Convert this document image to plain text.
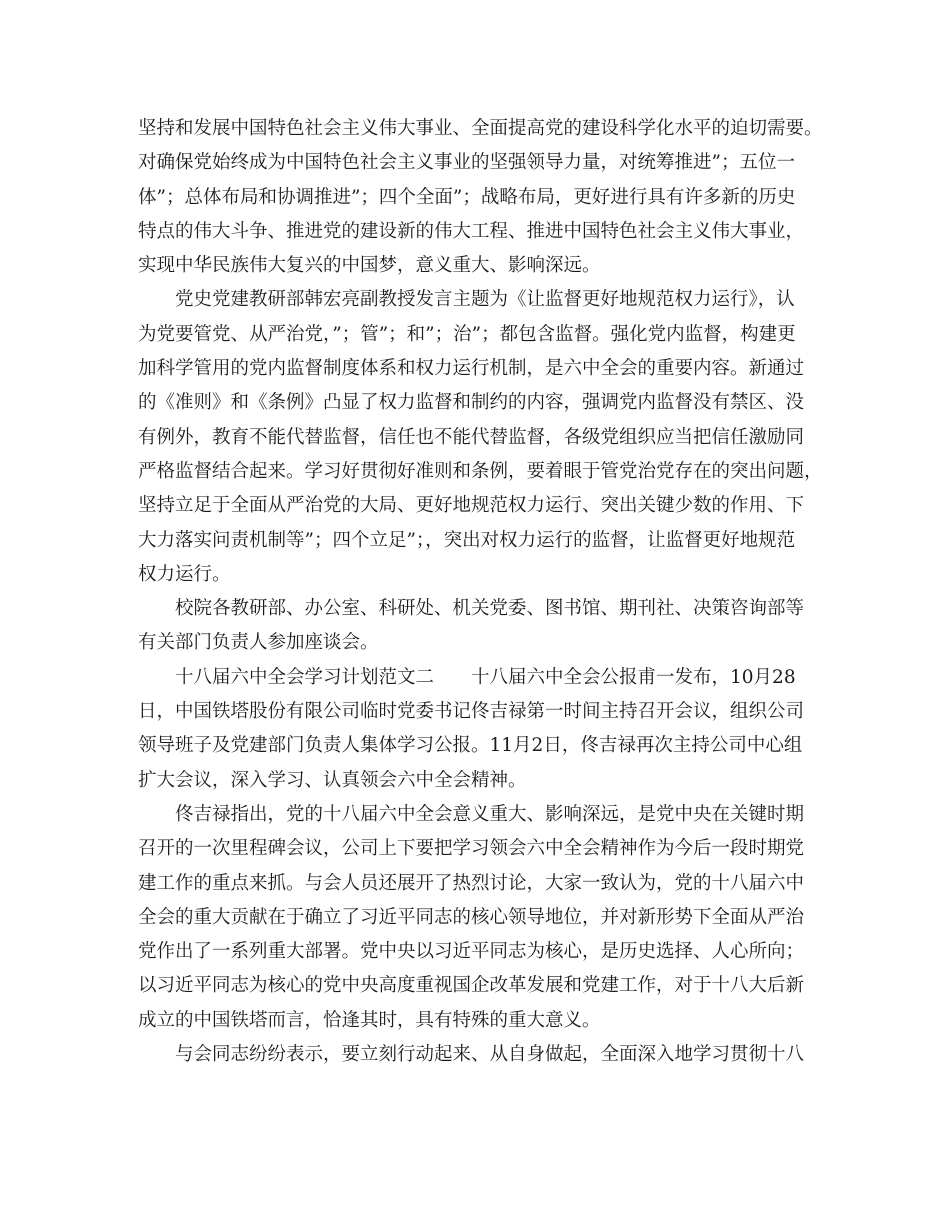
坚持和发展中国特色社会主义伟大事业、全面提高党的建设科学化水平的迫切需要。
对确保党始终成为中国特色社会主义事业的坚强领导力量，对统筹推进”；五位一
体”；总体布局和协调推进”；四个全面”；战略布局，更好进行具有许多新的历史
特点的伟大斗争、推进党的建设新的伟大工程、推进中国特色社会主义伟大事业，
实现中华民族伟大复兴的中国梦，意义重大、影响深远。
　　党史党建教研部韩宏亮副教授发言主题为《让监督更好地规范权力运行》，认
为党要管党、从严治党，”；管”；和”；治”；都包含监督。强化党内监督，构建更
加科学管用的党内监督制度体系和权力运行机制，是六中全会的重要内容。新通过
的《准则》和《条例》凸显了权力监督和制约的内容，强调党内监督没有禁区、没
有例外，教育不能代替监督，信任也不能代替监督，各级党组织应当把信任激励同
严格监督结合起来。学习好贯彻好准则和条例，要着眼于管党治党存在的突出问题，
坚持立足于全面从严治党的大局、更好地规范权力运行、突出关键少数的作用、下
大力落实问责机制等”；四个立足”；，突出对权力运行的监督，让监督更好地规范
权力运行。
　　校院各教研部、办公室、科研处、机关党委、图书馆、期刊社、决策咨询部等
有关部门负责人参加座谈会。
　　十八届六中全会学习计划范文二　　十八届六中全会公报甫一发布，10月28
日，中国铁塔股份有限公司临时党委书记佟吉禄第一时间主持召开会议，组织公司
领导班子及党建部门负责人集体学习公报。11月2日，佟吉禄再次主持公司中心组
扩大会议，深入学习、认真领会六中全会精神。
　　佟吉禄指出，党的十八届六中全会意义重大、影响深远，是党中央在关键时期
召开的一次里程碑会议，公司上下要把学习领会六中全会精神作为今后一段时期党
建工作的重点来抓。与会人员还展开了热烈讨论，大家一致认为，党的十八届六中
全会的重大贡献在于确立了习近平同志的核心领导地位，并对新形势下全面从严治
党作出了一系列重大部署。党中央以习近平同志为核心，是历史选择、人心所向；
以习近平同志为核心的党中央高度重视国企改革发展和党建工作，对于十八大后新
成立的中国铁塔而言，恰逢其时，具有特殊的重大意义。
　　与会同志纷纷表示，要立刻行动起来、从自身做起，全面深入地学习贯彻十八
